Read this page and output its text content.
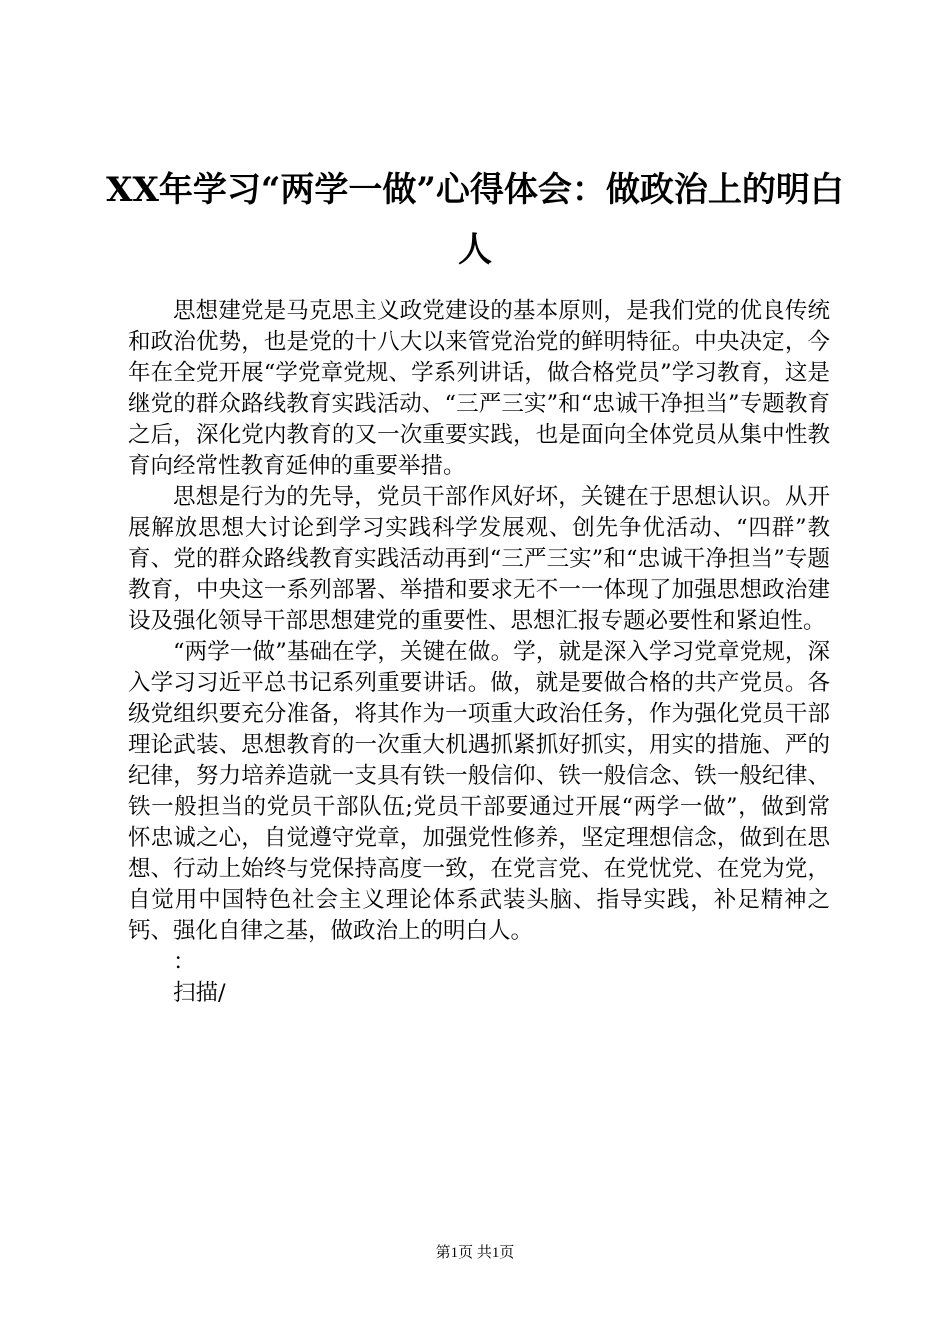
XX年学习“两学一做”心得体会：做政治上的明白人

思想建党是马克思主义政党建设的基本原则，是我们党的优良传统和政治优势，也是党的十八大以来管党治党的鲜明特征。中央决定，今年在全党开展“学党章党规、学系列讲话，做合格党员”学习教育，这是继党的群众路线教育实践活动、“三严三实”和“忠诚干净担当”专题教育之后，深化党内教育的又一次重要实践，也是面向全体党员从集中性教育向经常性教育延伸的重要举措。

思想是行为的先导，党员干部作风好坏，关键在于思想认识。从开展解放思想大讨论到学习实践科学发展观、创先争优活动、“四群”教育、党的群众路线教育实践活动再到“三严三实”和“忠诚干净担当”专题教育，中央这一系列部署、举措和要求无不一一体现了加强思想政治建设及强化领导干部思想建党的重要性、思想汇报专题必要性和紧迫性。

“两学一做”基础在学，关键在做。学，就是深入学习党章党规，深入学习习近平总书记系列重要讲话。做，就是要做合格的共产党员。各级党组织要充分准备，将其作为一项重大政治任务，作为强化党员干部理论武装、思想教育的一次重大机遇抓紧抓好抓实，用实的措施、严的纪律，努力培养造就一支具有铁一般信仰、铁一般信念、铁一般纪律、铁一般担当的党员干部队伍;党员干部要通过开展“两学一做”，做到常怀忠诚之心，自觉遵守党章，加强党性修养，坚定理想信念，做到在思想、行动上始终与党保持高度一致，在党言党、在党忧党、在党为党，自觉用中国特色社会主义理论体系武装头脑、指导实践，补足精神之钙、强化自律之基，做政治上的明白人。

：

扫描/

第1页 共1页
